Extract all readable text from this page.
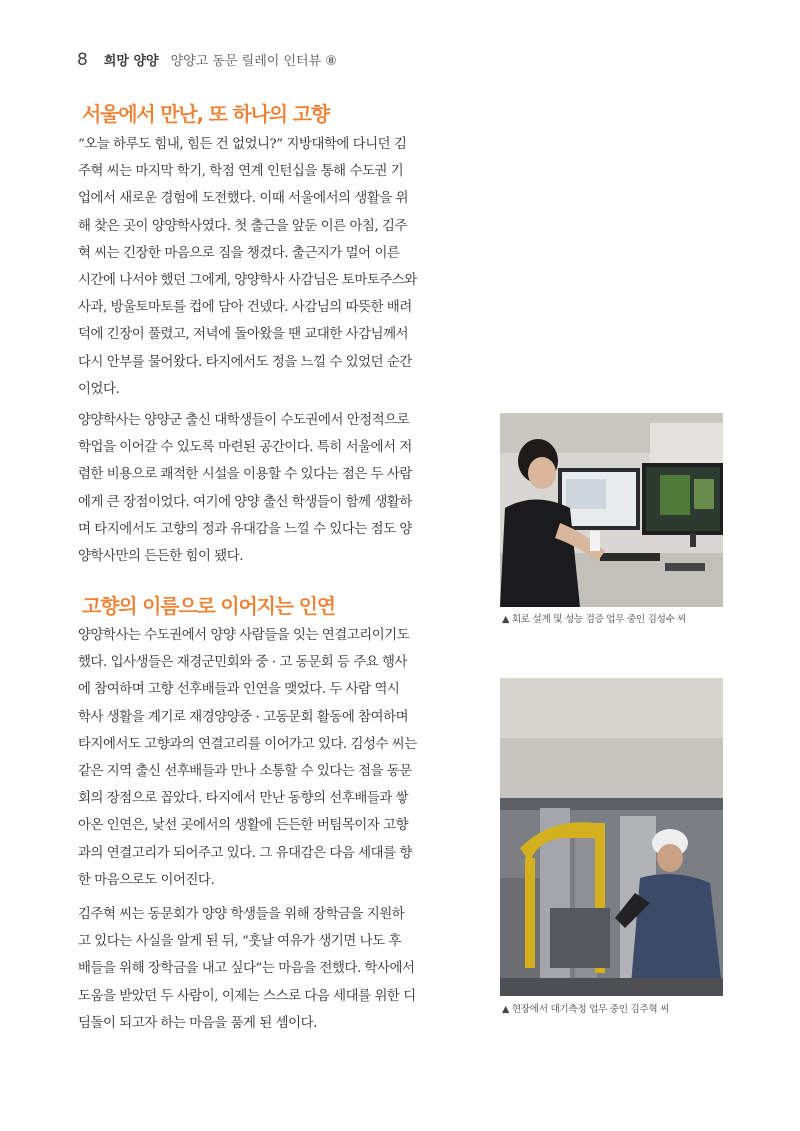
8 희망 양양 양양고 동문 릴레이 인터뷰 ⑧
서울에서 만난, 또 하나의 고향
“오늘 하루도 힘내, 힘든 건 없었니?” 지방대학에 다니던 김
주혁 씨는 마지막 학기, 학점 연계 인턴십을 통해 수도권 기
업에서 새로운 경험에 도전했다. 이때 서울에서의 생활을 위
해 찾은 곳이 양양학사였다. 첫 출근을 앞둔 이른 아침, 김주
혁 씨는 긴장한 마음으로 짐을 챙겼다. 출근지가 멀어 이른
시간에 나서야 했던 그에게, 양양학사 사감님은 토마토주스와
사과, 방울토마토를 컵에 담아 건넸다. 사감님의 따뜻한 배려
덕에 긴장이 풀렸고, 저녁에 돌아왔을 땐 교대한 사감님께서
다시 안부를 물어왔다. 타지에서도 정을 느낄 수 있었던 순간
이었다.
양양학사는 양양군 출신 대학생들이 수도권에서 안정적으로
학업을 이어갈 수 있도록 마련된 공간이다. 특히 서울에서 저
렴한 비용으로 쾌적한 시설을 이용할 수 있다는 점은 두 사람
에게 큰 장점이었다. 여기에 양양 출신 학생들이 함께 생활하
며 타지에서도 고향의 정과 유대감을 느낄 수 있다는 점도 양
양학사만의 든든한 힘이 됐다.
고향의 이름으로 이어지는 인연
양양학사는 수도권에서 양양 사람들을 잇는 연결고리이기도
했다. 입사생들은 재경군민회와 중 · 고 동문회 등 주요 행사
에 참여하며 고향 선후배들과 인연을 맺었다. 두 사람 역시
학사 생활을 계기로 재경양양중 · 고동문회 활동에 참여하며
타지에서도 고향과의 연결고리를 이어가고 있다. 김성수 씨는
같은 지역 출신 선후배들과 만나 소통할 수 있다는 점을 동문
회의 장점으로 꼽았다. 타지에서 만난 동향의 선후배들과 쌓
아온 인연은, 낯선 곳에서의 생활에 든든한 버팀목이자 고향
과의 연결고리가 되어주고 있다. 그 유대감은 다음 세대를 향
한 마음으로도 이어진다.
김주혁 씨는 동문회가 양양 학생들을 위해 장학금을 지원하
고 있다는 사실을 알게 된 뒤, “훗날 여유가 생기면 나도 후
배들을 위해 장학금을 내고 싶다”는 마음을 전했다. 학사에서
도움을 받았던 두 사람이, 이제는 스스로 다음 세대를 위한 디
딤돌이 되고자 하는 마음을 품게 된 셈이다.
▲ 회로 설계 및 성능 검증 업무 중인 김성수 씨
▲ 현장에서 대기측정 업무 중인 김주혁 씨
